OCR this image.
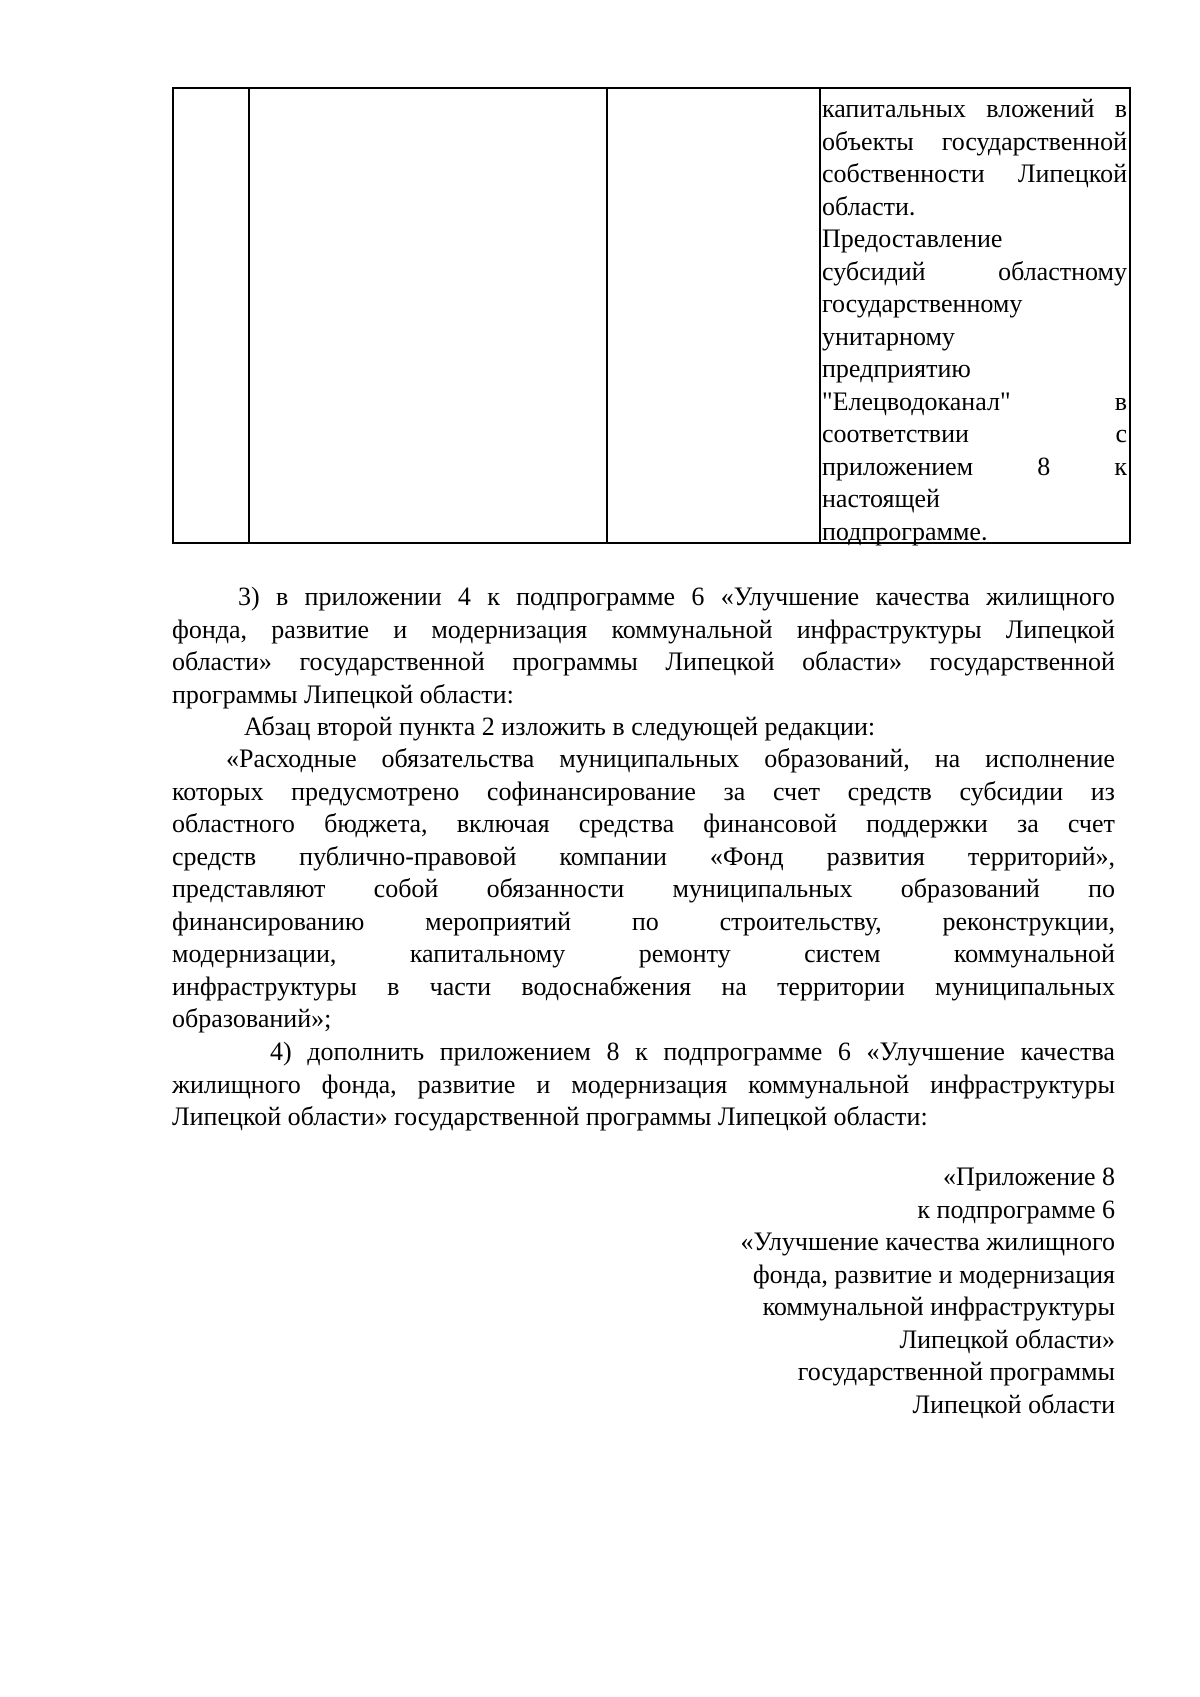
капитальных вложений в
объекты государственной
собственности Липецкой
области.
Предоставление
субсидий	областному
государственному
унитарному
предприятию
"Елецводоканал"	в
соответствии	с
приложением 8 к
настоящей
подпрограмме.
3) в приложении 4 к подпрограмме 6 «Улучшение качества жилищного
фонда, развитие и модернизация коммунальной инфраструктуры Липецкой
области» государственной программы Липецкой области» государственной
программы Липецкой области:
Абзац второй пункта 2 изложить в следующей редакции:
«Расходные обязательства муниципальных образований, на исполнение
которых предусмотрено софинансирование за счет средств субсидии из
областного бюджета, включая средства финансовой поддержки за счет
средств публично-правовой компании «Фонд развития территорий»,
представляют собой обязанности муниципальных образований по
финансированию мероприятий по строительству, реконструкции,
модернизации,	капитальному	ремонту	систем	коммунальной
инфраструктуры в части водоснабжения на территории муниципальных
образований»;
4) дополнить приложением 8 к подпрограмме 6 «Улучшение качества
жилищного фонда, развитие и модернизация коммунальной инфраструктуры
Липецкой области» государственной программы Липецкой области:
«Приложение 8
к подпрограмме 6
«Улучшение качества жилищного
фонда, развитие и модернизация
коммунальной инфраструктуры
Липецкой области»
государственной программы
Липецкой области
